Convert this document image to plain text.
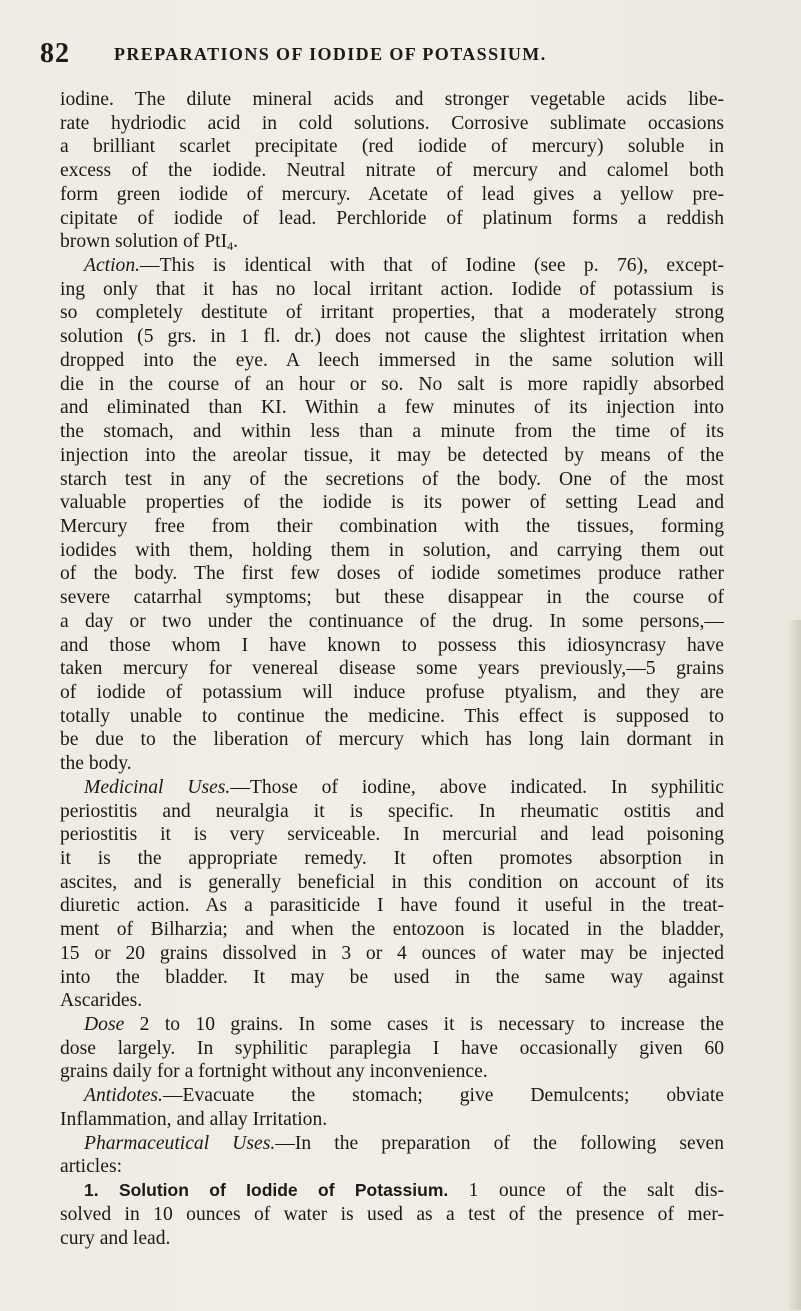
82 PREPARATIONS OF IODIDE OF POTASSIUM.
iodine. The dilute mineral acids and stronger vegetable acids libe-
rate hydriodic acid in cold solutions. Corrosive sublimate occasions
a brilliant scarlet precipitate (red iodide of mercury) soluble in
excess of the iodide. Neutral nitrate of mercury and calomel both
form green iodide of mercury. Acetate of lead gives a yellow pre-
cipitate of iodide of lead. Perchloride of platinum forms a reddish
brown solution of PtI$_4$.
Action.—This is identical with that of Iodine (see p. 76), except-
ing only that it has no local irritant action. Iodide of potassium is
so completely destitute of irritant properties, that a moderately strong
solution (5 grs. in 1 fl. dr.) does not cause the slightest irritation when
dropped into the eye. A leech immersed in the same solution will
die in the course of an hour or so. No salt is more rapidly absorbed
and eliminated than KI. Within a few minutes of its injection into
the stomach, and within less than a minute from the time of its
injection into the areolar tissue, it may be detected by means of the
starch test in any of the secretions of the body. One of the most
valuable properties of the iodide is its power of setting Lead and
Mercury free from their combination with the tissues, forming
iodides with them, holding them in solution, and carrying them out
of the body. The first few doses of iodide sometimes produce rather
severe catarrhal symptoms; but these disappear in the course of
a day or two under the continuance of the drug. In some persons,—
and those whom I have known to possess this idiosyncrasy have
taken mercury for venereal disease some years previously,—5 grains
of iodide of potassium will induce profuse ptyalism, and they are
totally unable to continue the medicine. This effect is supposed to
be due to the liberation of mercury which has long lain dormant in
the body.
Medicinal Uses.—Those of iodine, above indicated. In syphilitic
periostitis and neuralgia it is specific. In rheumatic ostitis and
periostitis it is very serviceable. In mercurial and lead poisoning
it is the appropriate remedy. It often promotes absorption in
ascites, and is generally beneficial in this condition on account of its
diuretic action. As a parasiticide I have found it useful in the treat-
ment of Bilharzia; and when the entozoon is located in the bladder,
15 or 20 grains dissolved in 3 or 4 ounces of water may be injected
into the bladder. It may be used in the same way against
Ascarides.
Dose 2 to 10 grains. In some cases it is necessary to increase the
dose largely. In syphilitic paraplegia I have occasionally given 60
grains daily for a fortnight without any inconvenience.
Antidotes.—Evacuate the stomach; give Demulcents; obviate
Inflammation, and allay Irritation.
Pharmaceutical Uses.—In the preparation of the following seven
articles:
1. Solution of Iodide of Potassium. 1 ounce of the salt dis-
solved in 10 ounces of water is used as a test of the presence of mer-
cury and lead.
